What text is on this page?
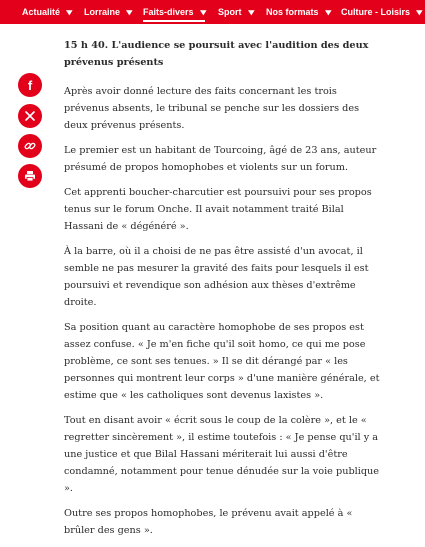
Actualité ▾ Lorraine ▾ Faits-divers ▾ Sport ▾ Nos formats ▾ Culture - Loisirs ▾
f

15 h 40. L'audience se poursuit avec l'audition des deux prévenus présents

Après avoir donné lecture des faits concernant les trois prévenus absents, le tribunal se penche sur les dossiers des deux prévenus présents.

Le premier est un habitant de Tourcoing, âgé de 23 ans, auteur présumé de propos homophobes et violents sur un forum.

Cet apprenti boucher-charcutier est poursuivi pour ses propos tenus sur le forum Onche. Il avait notamment traité Bilal Hassani de « dégénéré ».

À la barre, où il a choisi de ne pas être assisté d'un avocat, il semble ne pas mesurer la gravité des faits pour lesquels il est poursuivi et revendique son adhésion aux thèses d'extrême droite.

Sa position quant au caractère homophobe de ses propos est assez confuse. « Je m'en fiche qu'il soit homo, ce qui me pose problème, ce sont ses tenues. » Il se dit dérangé par « les personnes qui montrent leur corps » d'une manière générale, et estime que « les catholiques sont devenus laxistes ».

Tout en disant avoir « écrit sous le coup de la colère », et le « regretter sincèrement », il estime toutefois : « Je pense qu'il y a une justice et que Bilal Hassani mériterait lui aussi d'être condamné, notamment pour tenue dénudée sur la voie publique ».

Outre ses propos homophobes, le prévenu avait appelé à « brûler des gens ».
